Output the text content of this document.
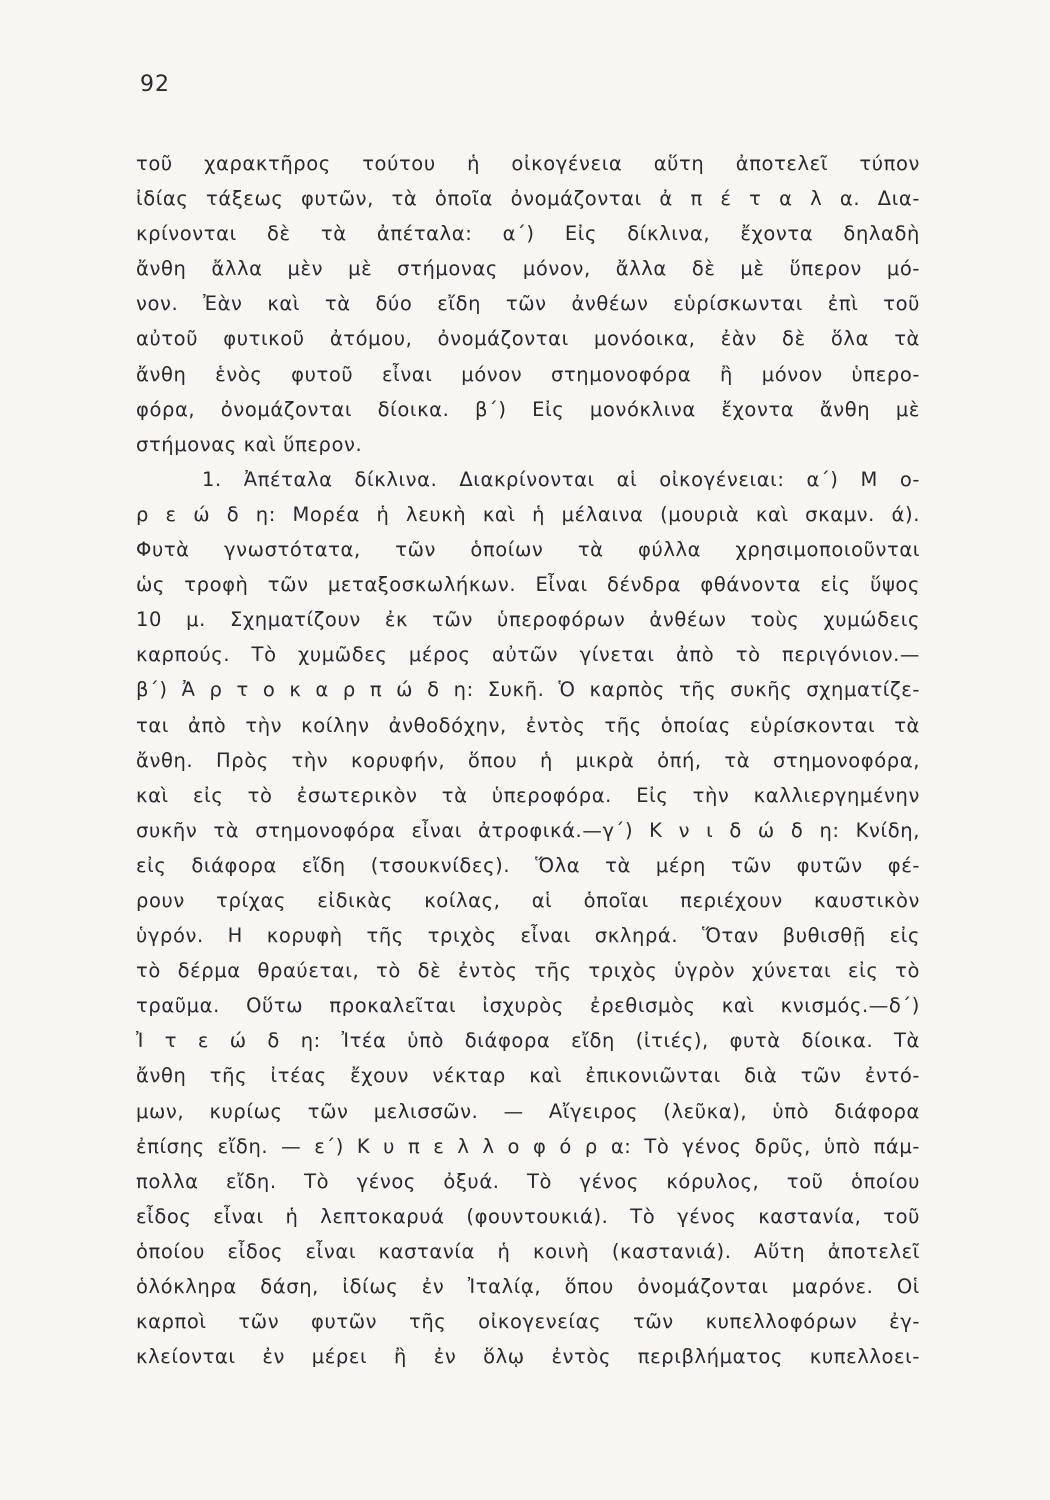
92
τοῦ χαρακτῆρος τούτου ἡ οἰκογένεια αὕτη ἀποτελεῖ τύπον
ἰδίας τάξεως φυτῶν, τὰ ὁποῖα ὀνομάζονται ἀ π έ τ α λ α. Δια-
κρίνονται δὲ τὰ ἀπέταλα: α΄) Εἰς δίκλινα, ἔχοντα δηλαδὴ
ἄνθη ἄλλα μὲν μὲ στήμονας μόνον, ἄλλα δὲ μὲ ὕπερον μό-
νον. Ἐὰν καὶ τὰ δύο εἴδη τῶν ἀνθέων εὑρίσκωνται ἐπὶ τοῦ
αὐτοῦ φυτικοῦ ἀτόμου, ὀνομάζονται μονόοικα, ἐὰν δὲ ὅλα τὰ
ἄνθη ἑνὸς φυτοῦ εἶναι μόνον στημονοφόρα ἢ μόνον ὑπερο-
φόρα, ὀνομάζονται δίοικα. β΄) Εἰς μονόκλινα ἔχοντα ἄνθη μὲ
στήμονας καὶ ὕπερον.
1. Ἀπέταλα δίκλινα. Διακρίνονται αἱ οἰκογένειαι: α΄) Μ ο-
ρ ε ώ δ η: Μορέα ἡ λευκὴ καὶ ἡ μέλαινα (μουριὰ καὶ σκαμν. ά).
Φυτὰ γνωστότατα, τῶν ὁποίων τὰ φύλλα χρησιμοποιοῦνται
ὡς τροφὴ τῶν μεταξοσκωλήκων. Εἶναι δένδρα φθάνοντα εἰς ὕψος
10 μ. Σχηματίζουν ἐκ τῶν ὑπεροφόρων ἀνθέων τοὺς χυμώδεις
καρπούς. Τὸ χυμῶδες μέρος αὐτῶν γίνεται ἀπὸ τὸ περιγόνιον.—
β΄) Ἀ ρ τ ο κ α ρ π ώ δ η: Συκῆ. Ὁ καρπὸς τῆς συκῆς σχηματίζε-
ται ἀπὸ τὴν κοίλην ἀνθοδόχην, ἐντὸς τῆς ὁποίας εὑρίσκονται τὰ
ἄνθη. Πρὸς τὴν κορυφήν, ὅπου ἡ μικρὰ ὀπή, τὰ στημονοφόρα,
καὶ εἰς τὸ ἐσωτερικὸν τὰ ὑπεροφόρα. Εἰς τὴν καλλιεργημένην
συκῆν τὰ στημονοφόρα εἶναι ἀτροφικά.—γ΄) Κ ν ι δ ώ δ η: Κνίδη,
εἰς διάφορα εἴδη (τσουκνίδες). Ὅλα τὰ μέρη τῶν φυτῶν φέ-
ρουν τρίχας εἰδικὰς κοίλας, αἱ ὁποῖαι περιέχουν καυστικὸν
ὑγρόν. Η κορυφὴ τῆς τριχὸς εἶναι σκληρά. Ὅταν βυθισθῇ εἰς
τὸ δέρμα θραύεται, τὸ δὲ ἐντὸς τῆς τριχὸς ὑγρὸν χύνεται εἰς τὸ
τραῦμα. Οὕτω προκαλεῖται ἰσχυρὸς ἐρεθισμὸς καὶ κνισμός.—δ΄)
Ἰ τ ε ώ δ η: Ἰτέα ὑπὸ διάφορα εἴδη (ἰτιές), φυτὰ δίοικα. Τὰ
ἄνθη τῆς ἰτέας ἔχουν νέκταρ καὶ ἐπικονιῶνται διὰ τῶν ἐντό-
μων, κυρίως τῶν μελισσῶν. — Αἴγειρος (λεῦκα), ὑπὸ διάφορα
ἐπίσης εἴδη. — ε΄) Κ υ π ε λ λ ο φ ό ρ α: Τὸ γένος δρῦς, ὑπὸ πάμ-
πολλα εἴδη. Τὸ γένος ὀξυά. Τὸ γένος κόρυλος, τοῦ ὁποίου
εἶδος εἶναι ἡ λεπτοκαρυά (φουντουκιά). Τὸ γένος καστανία, τοῦ
ὁποίου εἶδος εἶναι καστανία ἡ κοινὴ (καστανιά). Αὕτη ἀποτελεῖ
ὁλόκληρα δάση, ἰδίως ἐν Ἰταλίᾳ, ὅπου ὀνομάζονται μαρόνε. Οἱ
καρποὶ τῶν φυτῶν τῆς οἰκογενείας τῶν κυπελλοφόρων ἐγ-
κλείονται ἐν μέρει ἢ ἐν ὅλῳ ἐντὸς περιβλήματος κυπελλοει-
